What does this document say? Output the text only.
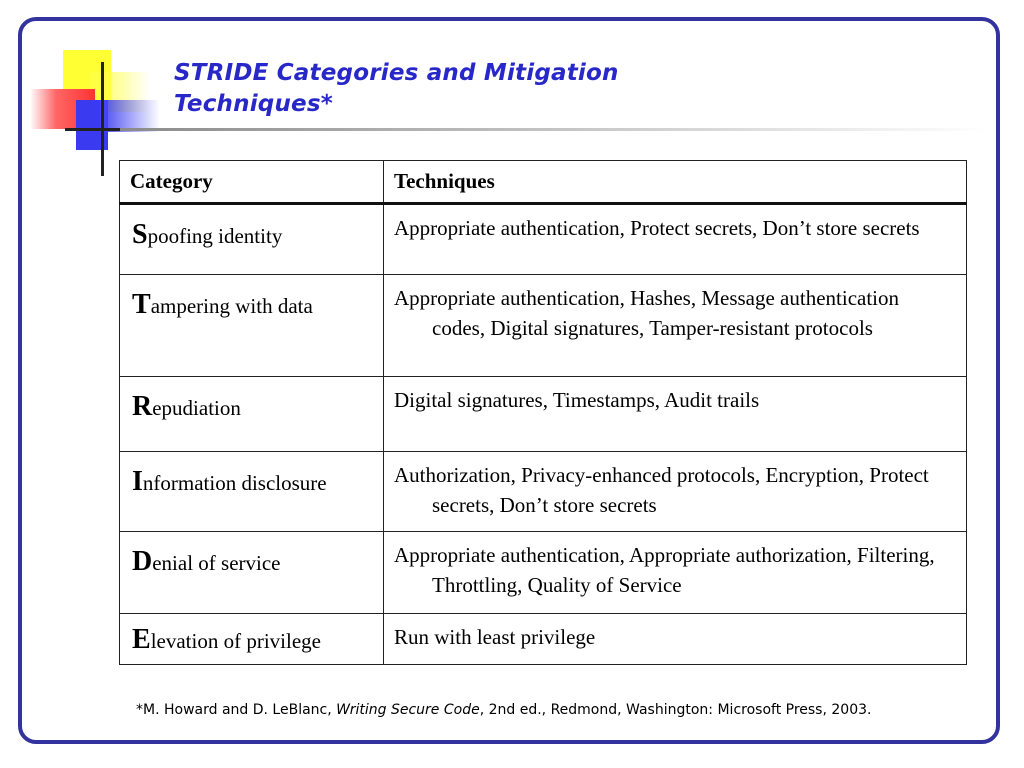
STRIDE Categories and Mitigation
Techniques*
Category	Techniques
Spoofing identity	Appropriate authentication, Protect secrets, Don’t store secrets

Tampering with data	Appropriate authentication, Hashes, Message authentication codes, Digital signatures, Tamper-resistant protocols

Repudiation	Digital signatures, Timestamps, Audit trails

Information disclosure	Authorization, Privacy-enhanced protocols, Encryption, Protect secrets, Don’t store secrets

Denial of service	Appropriate authentication, Appropriate authorization, Filtering, Throttling, Quality of Service

Elevation of privilege	Run with least privilege
*M. Howard and D. LeBlanc, Writing Secure Code, 2nd ed., Redmond, Washington: Microsoft Press, 2003.
